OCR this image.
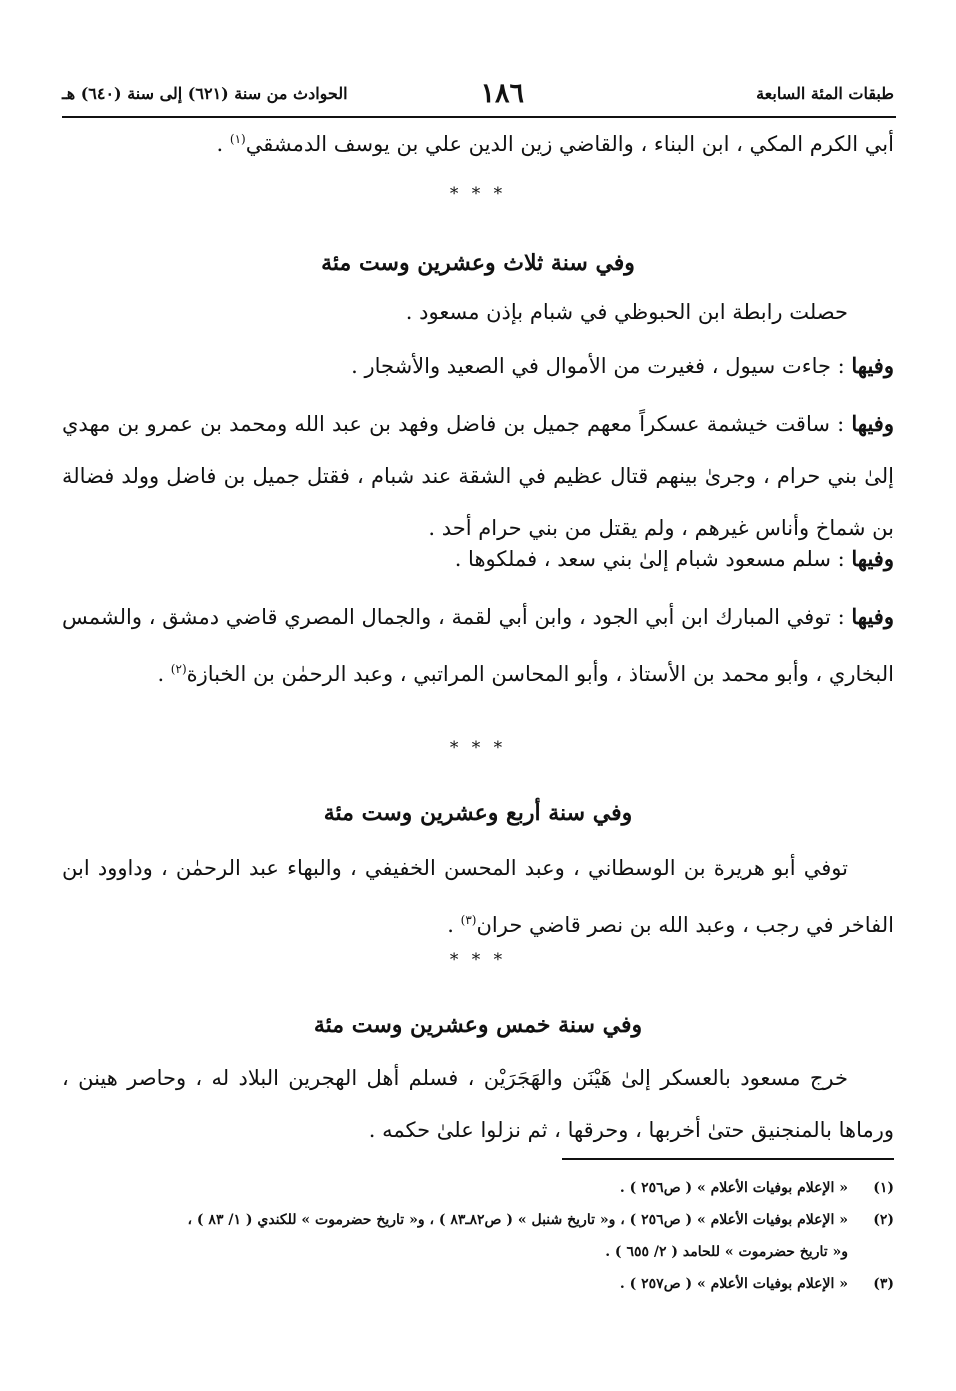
طبقات المئة السابعة
١٨٦
الحوادث من سنة (٦٢١) إلى سنة (٦٤٠) هـ
أبي الكرم المكي ، ابن البناء ، والقاضي زين الدين علي بن يوسف الدمشقي$^{(١)}$ .
* * *
وفي سنة ثلاث وعشرين وست مئة
حصلت رابطة ابن الحبوظي في شبام بإذن مسعود .
وفيها : جاءت سيول ، فغيرت من الأموال في الصعيد والأشجار .
وفيها : ساقت خيشمة عسكراً معهم جميل بن فاضل وفهد بن عبد الله ومحمد بن عمرو بن مهدي إلىٰ بني حرام ، وجرىٰ بينهم قتال عظيم في الشقة عند شبام ، فقتل جميل بن فاضل وولد فضالة بن شماخ وأناس غيرهم ، ولم يقتل من بني حرام أحد .
وفيها : سلم مسعود شبام إلىٰ بني سعد ، فملكوها .
وفيها : توفي المبارك ابن أبي الجود ، وابن أبي لقمة ، والجمال المصري قاضي دمشق ، والشمس البخاري ، وأبو محمد بن الأستاذ ، وأبو المحاسن المراتبي ، وعبد الرحمٰن بن الخبازة$^{(٢)}$ .
* * *
وفي سنة أربع وعشرين وست مئة
توفي أبو هريرة بن الوسطاني ، وعبد المحسن الخفيفي ، والبهاء عبد الرحمٰن ، وداوود ابن الفاخر في رجب ، وعبد الله بن نصر قاضي حران$^{(٣)}$ .
* * *
وفي سنة خمس وعشرين وست مئة
خرج مسعود بالعسكر إلىٰ هَيْنَن والهَجَرَيْن ، فسلم أهل الهجرين البلاد له ، وحاصر هينن ، ورماها بالمنجنيق حتىٰ أخربها ، وحرقها ، ثم نزلوا علىٰ حكمه .
(١)« الإعلام بوفيات الأعلام » ( ص٢٥٦ ) .
(٢)« الإعلام بوفيات الأعلام » ( ص٢٥٦ ) ، و« تاريخ شنبل » ( ص٨٢ـ٨٣ ) ، و« تاريخ حضرموت » للكندي ( ١/ ٨٣ ) ،
و« تاريخ حضرموت » للحامد ( ٢/ ٦٥٥ ) .
(٣)« الإعلام بوفيات الأعلام » ( ص٢٥٧ ) .
